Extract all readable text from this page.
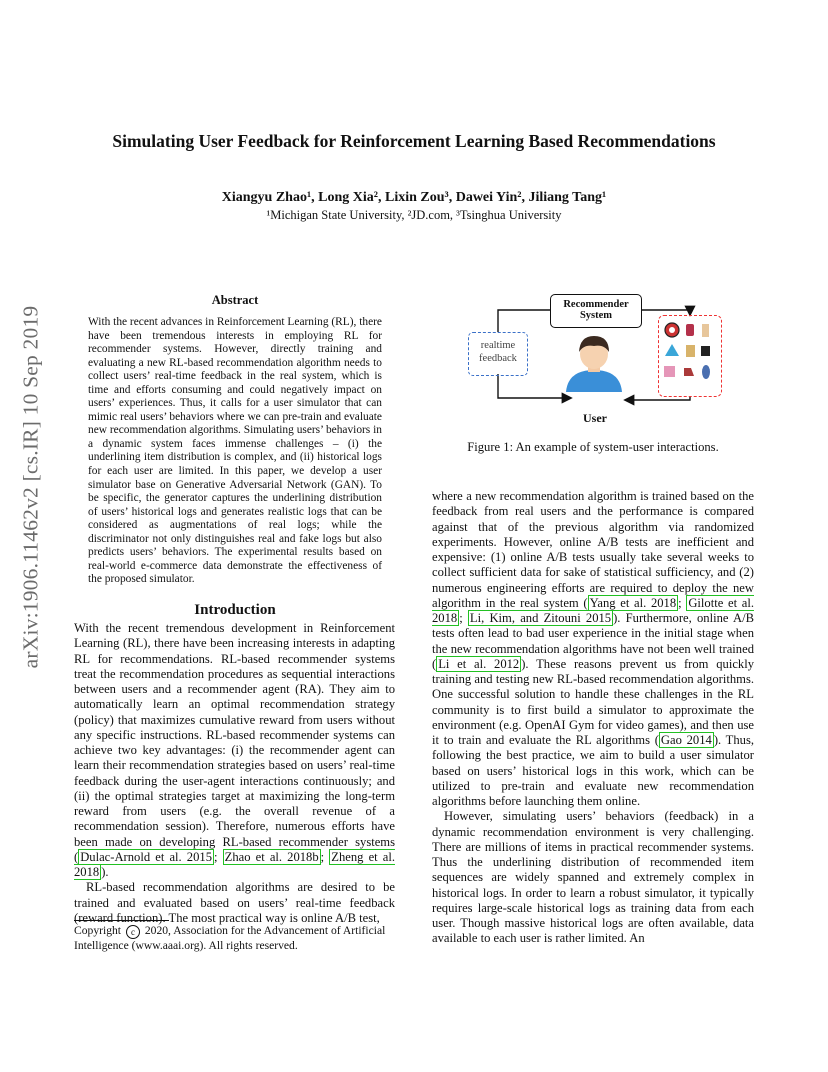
Simulating User Feedback for Reinforcement Learning Based Recommendations
Xiangyu Zhao¹, Long Xia², Lixin Zou³, Dawei Yin², Jiliang Tang¹
¹Michigan State University, ²JD.com, ³Tsinghua University
arXiv:1906.11462v2 [cs.IR] 10 Sep 2019
Abstract
With the recent advances in Reinforcement Learning (RL), there have been tremendous interests in employing RL for recommender systems. However, directly training and evaluating a new RL-based recommendation algorithm needs to collect users’ real-time feedback in the real system, which is time and efforts consuming and could negatively impact on users’ experiences. Thus, it calls for a user simulator that can mimic real users’ behaviors where we can pre-train and evaluate new recommendation algorithms. Simulating users’ behaviors in a dynamic system faces immense challenges – (i) the underlining item distribution is complex, and (ii) historical logs for each user are limited. In this paper, we develop a user simulator base on Generative Adversarial Network (GAN). To be specific, the generator captures the underlining distribution of users’ historical logs and generates realistic logs that can be considered as augmentations of real logs; while the discriminator not only distinguishes real and fake logs but also predicts users’ behaviors. The experimental results based on real-world e-commerce data demonstrate the effectiveness of the proposed simulator.
Introduction

With the recent tremendous development in Reinforcement Learning (RL), there have been increasing interests in adapting RL for recommendations. RL-based recommender systems treat the recommendation procedures as sequential interactions between users and a recommender agent (RA). They aim to automatically learn an optimal recommendation strategy (policy) that maximizes cumulative reward from users without any specific instructions. RL-based recommender systems can achieve two key advantages: (i) the recommender agent can learn their recommendation strategies based on users’ real-time feedback during the user-agent interactions continuously; and (ii) the optimal strategies target at maximizing the long-term reward from users (e.g. the overall revenue of a recommendation session). Therefore, numerous efforts have been made on developing RL-based recommender systems ( Dulac-Arnold et al. 2015 ; Zhao et al. 2018b ; Zheng et al. 2018 ).

RL-based recommendation algorithms are desired to be trained and evaluated based on users’ real-time feedback (reward function). The most practical way is online A/B test,

Copyright c 2020, Association for the Advancement of Artificial Intelligence (www.aaai.org). All rights reserved.
Recommender
System
realtime
feedback
User
Figure 1: An example of system-user interactions.

where a new recommendation algorithm is trained based on the feedback from real users and the performance is compared against that of the previous algorithm via randomized experiments. However, online A/B tests are inefficient and expensive: (1) online A/B tests usually take several weeks to collect sufficient data for sake of statistical sufficiency, and (2) numerous engineering efforts are required to deploy the new algorithm in the real system ( Yang et al. 2018 ; Gilotte et al. 2018 ; Li, Kim, and Zitouni 2015 ). Furthermore, online A/B tests often lead to bad user experience in the initial stage when the new recommendation algorithms have not been well trained ( Li et al. 2012 ). These reasons prevent us from quickly training and testing new RL-based recommendation algorithms. One successful solution to handle these challenges in the RL community is to first build a simulator to approximate the environment (e.g. OpenAI Gym for video games), and then use it to train and evaluate the RL algorithms ( Gao 2014 ). Thus, following the best practice, we aim to build a user simulator based on users’ historical logs in this work, which can be utilized to pre-train and evaluate new recommendation algorithms before launching them online.

However, simulating users’ behaviors (feedback) in a dynamic recommendation environment is very challenging. There are millions of items in practical recommender systems. Thus the underlining distribution of recommended item sequences are widely spanned and extremely complex in historical logs. In order to learn a robust simulator, it typically requires large-scale historical logs as training data from each user. Though massive historical logs are often available, data available to each user is rather limited. An
